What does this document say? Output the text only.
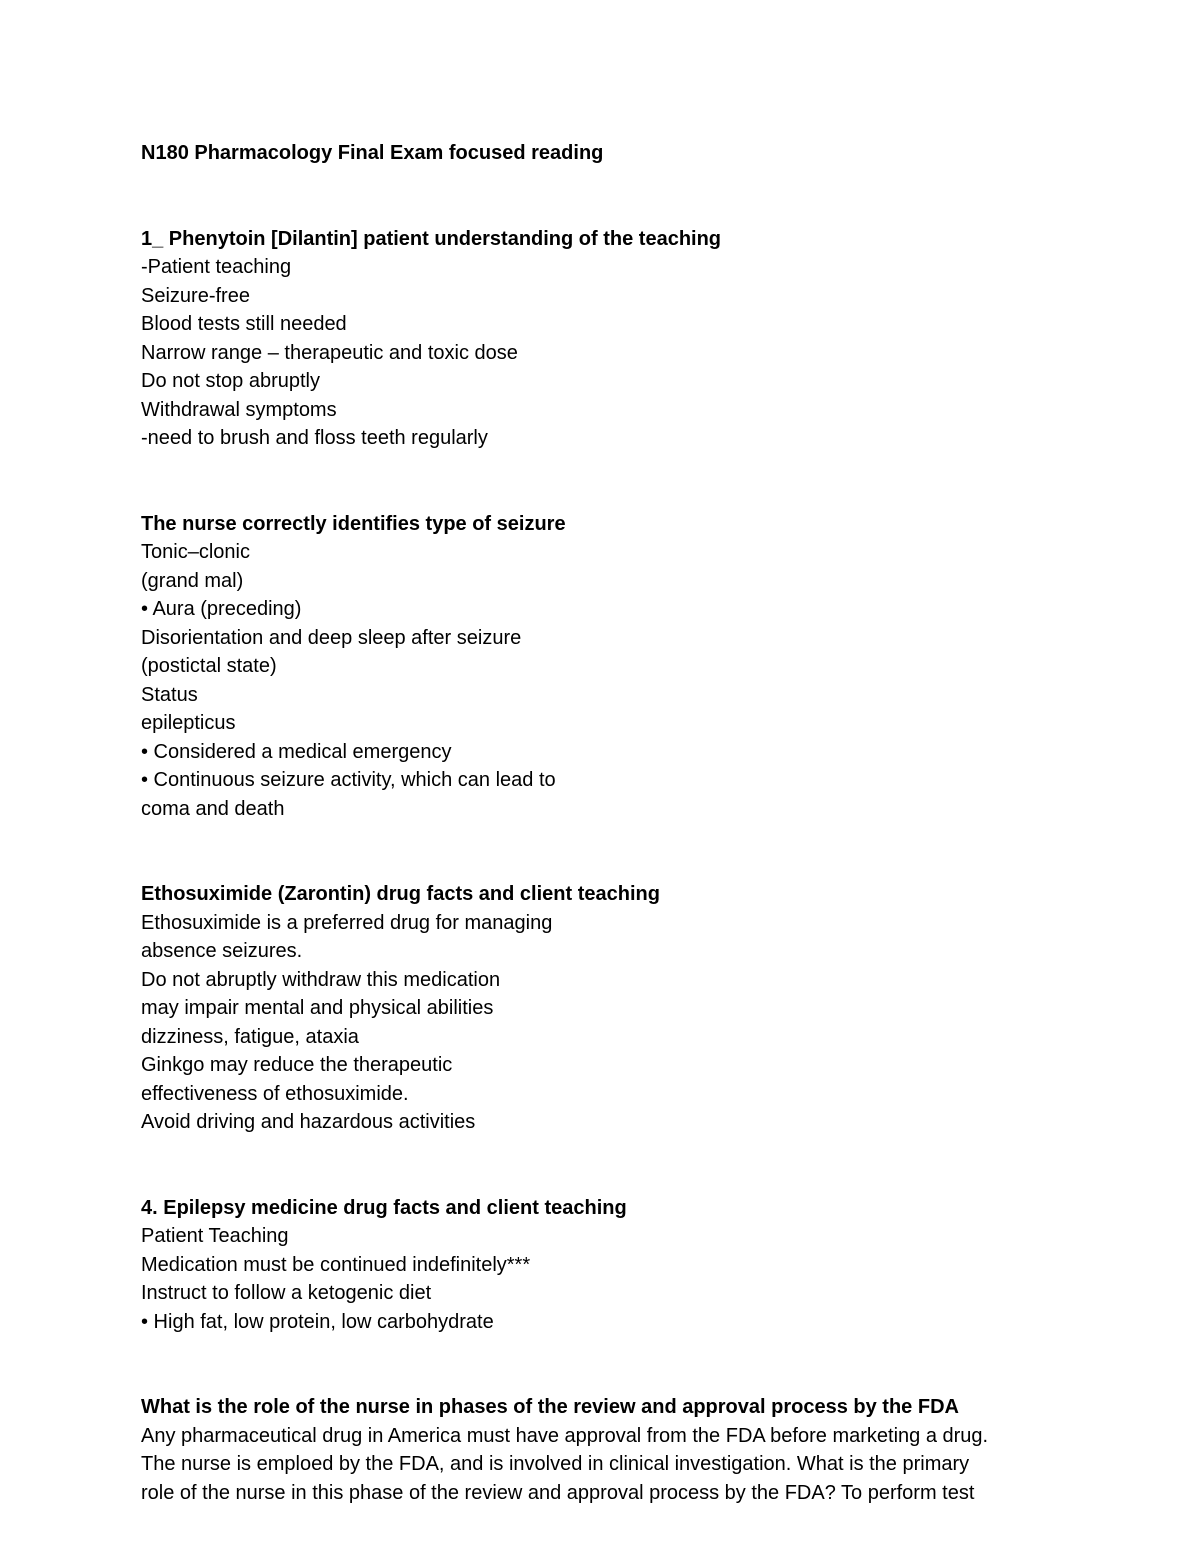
N180 Pharmacology Final Exam focused reading

1_ Phenytoin [Dilantin] patient understanding of the teaching

-Patient teaching

Seizure-free

Blood tests still needed

Narrow range – therapeutic and toxic dose

Do not stop abruptly

Withdrawal symptoms

-need to brush and floss teeth regularly

The nurse correctly identifies type of seizure

Tonic–clonic

(grand mal)

• Aura (preceding)

Disorientation and deep sleep after seizure

(postictal state)

Status

epilepticus

• Considered a medical emergency

• Continuous seizure activity, which can lead to

coma and death

Ethosuximide (Zarontin) drug facts and client teaching

Ethosuximide is a preferred drug for managing

absence seizures.

Do not abruptly withdraw this medication

may impair mental and physical abilities

dizziness, fatigue, ataxia

Ginkgo may reduce the therapeutic

effectiveness of ethosuximide.

Avoid driving and hazardous activities

4. Epilepsy medicine drug facts and client teaching

Patient Teaching

Medication must be continued indefinitely***

Instruct to follow a ketogenic diet

• High fat, low protein, low carbohydrate

What is the role of the nurse in phases of the review and approval process by the FDA

Any pharmaceutical drug in America must have approval from the FDA before marketing a drug.

The nurse is emploed by the FDA, and is involved in clinical investigation. What is the primary

role of the nurse in this phase of the review and approval process by the FDA? To perform test
